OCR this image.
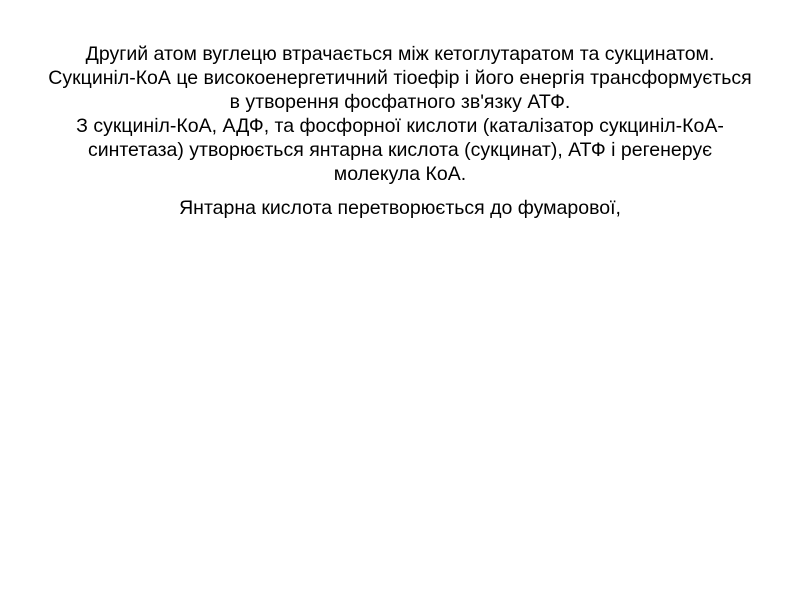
Другий атом вуглецю втрачається між кетоглутаратом та сукцинатом. Сукциніл-КоА це високоенергетичний тіоефір і його енергія трансформується в утворення фосфатного зв'язку АТФ.

З сукциніл-КоА, АДФ, та фосфорної кислоти (каталізатор сукциніл-КоА-синтетаза) утворюється янтарна кислота (сукцинат), АТФ і регенерує молекула КоА.

Янтарна кислота перетворюється до фумарової,
